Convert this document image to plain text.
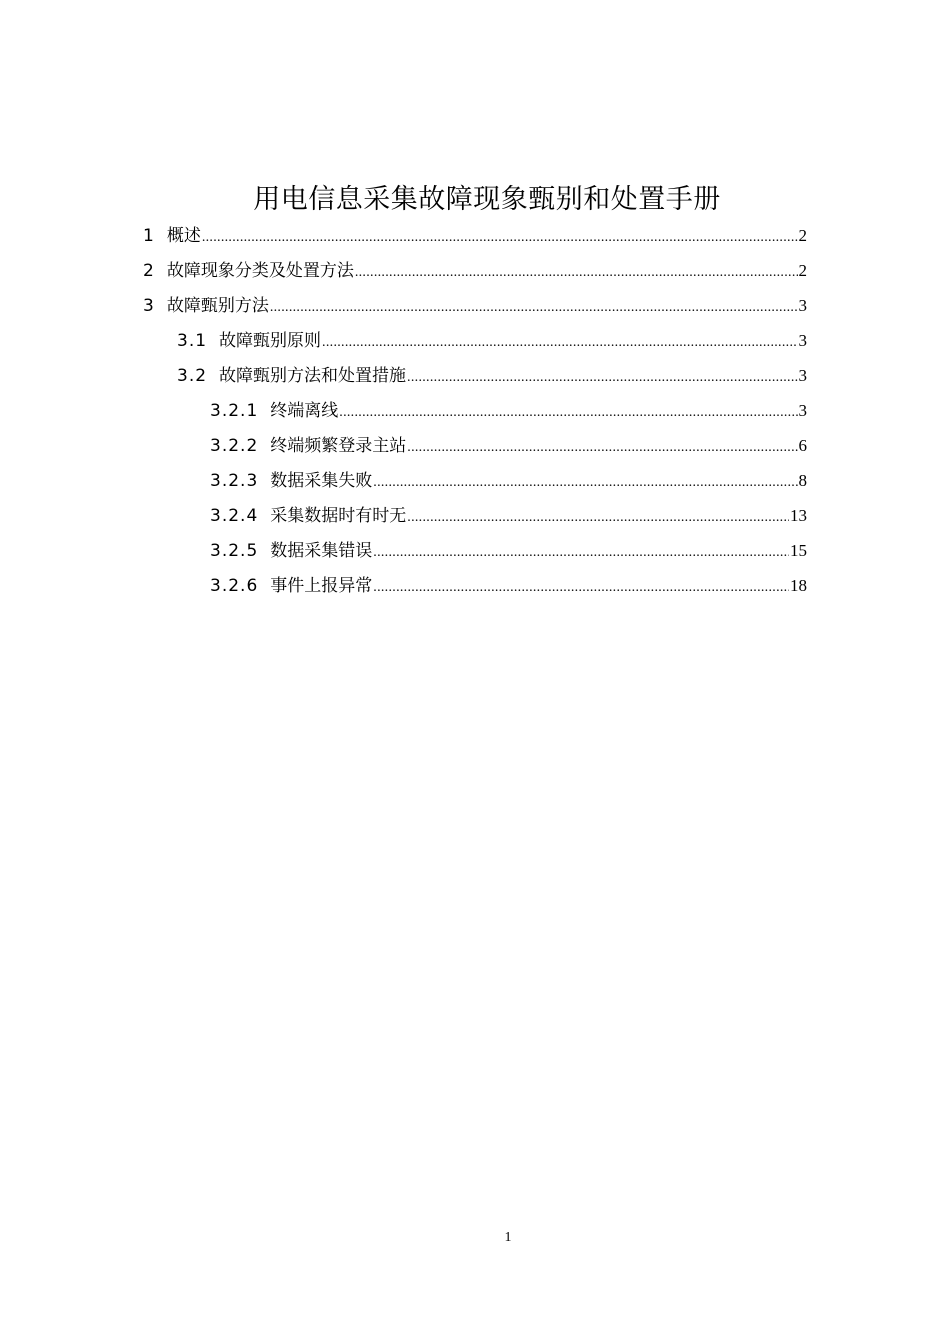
用电信息采集故障现象甄别和处置手册
1 概述 .....	2
2 故障现象分类及处置方法 .....	2
3 故障甄别方法 .....	3
3.1 故障甄别原则 .....	3
3.2 故障甄别方法和处置措施 .....	3
3.2.1 终端离线 .....	3
3.2.2 终端频繁登录主站 .....	6
3.2.3 数据采集失败 .....	8
3.2.4 采集数据时有时无 .....	13
3.2.5 数据采集错误 .....	15
3.2.6 事件上报异常 .....	18
1
